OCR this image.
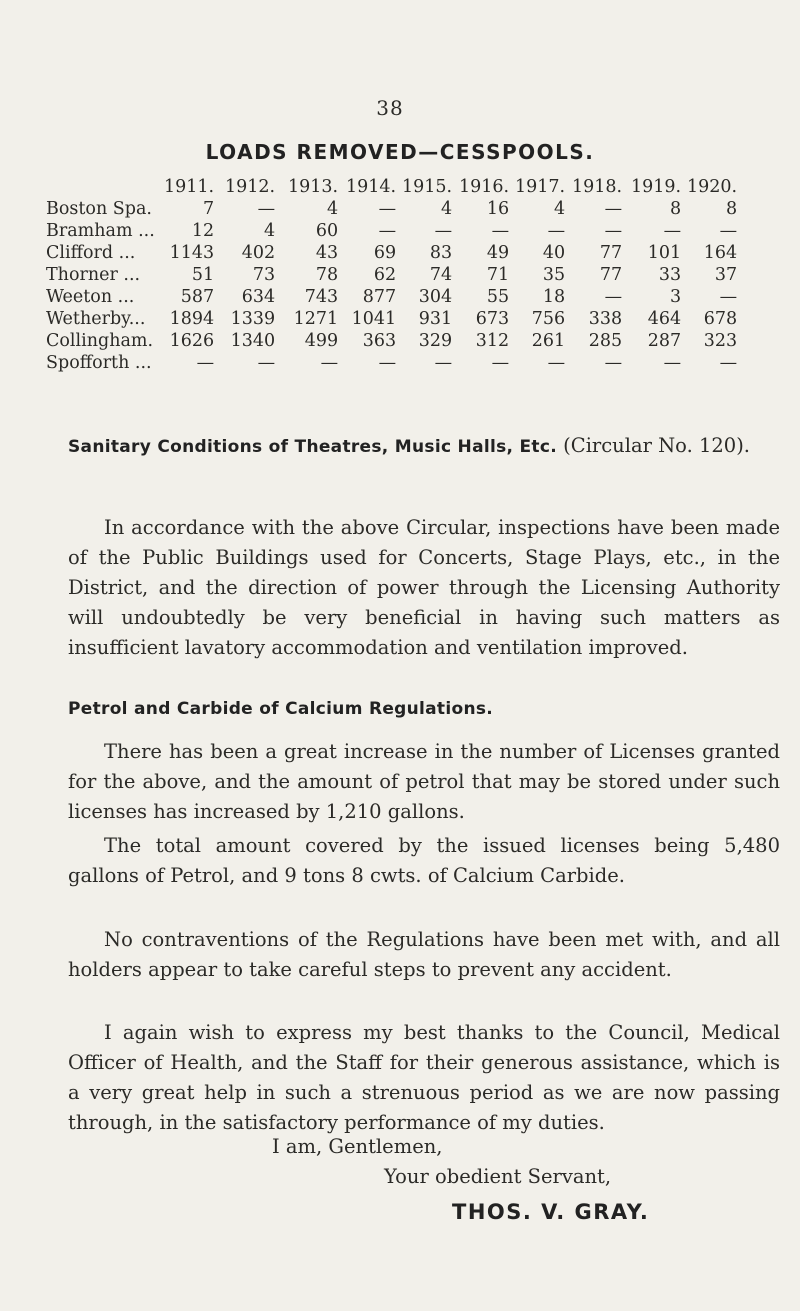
38
LOADS REMOVED—CESSPOOLS.
	1911.	1912.	1913.	1914.	1915.	1916.	1917.	1918.	1919.	1920.
Boston Spa.	7	—	4	—	4	16	4	—	8	8
Bramham ...	12	4	60	—	—	—	—	—	—	—
Clifford ...	1143	402	43	69	83	49	40	77	101	164
Thorner ...	51	73	78	62	74	71	35	77	33	37
Weeton ...	587	634	743	877	304	55	18	—	3	—
Wetherby...	1894	1339	1271	1041	931	673	756	338	464	678
Collingham.	1626	1340	499	363	329	312	261	285	287	323
Spofforth ...	—	—	—	—	—	—	—	—	—	—
Sanitary Conditions of Theatres, Music Halls, Etc. (Circular No. 120).
In accordance with the above Circular, inspections have been made of the Public Buildings used for Concerts, Stage Plays, etc., in the District, and the direction of power through the Licensing Authority will undoubtedly be very beneficial in having such matters as insufficient lavatory accommodation and ventilation improved.
Petrol and Carbide of Calcium Regulations.
There has been a great increase in the number of Licenses granted for the above, and the amount of petrol that may be stored under such licenses has increased by 1,210 gallons.
The total amount covered by the issued licenses being 5,480 gallons of Petrol, and 9 tons 8 cwts. of Calcium Carbide.
No contraventions of the Regulations have been met with, and all holders appear to take careful steps to prevent any accident.
I again wish to express my best thanks to the Council, Medical Officer of Health, and the Staff for their generous assistance, which is a very great help in such a strenuous period as we are now passing through, in the satisfactory performance of my duties.
I am, Gentlemen,
Your obedient Servant,
THOS. V. GRAY.
